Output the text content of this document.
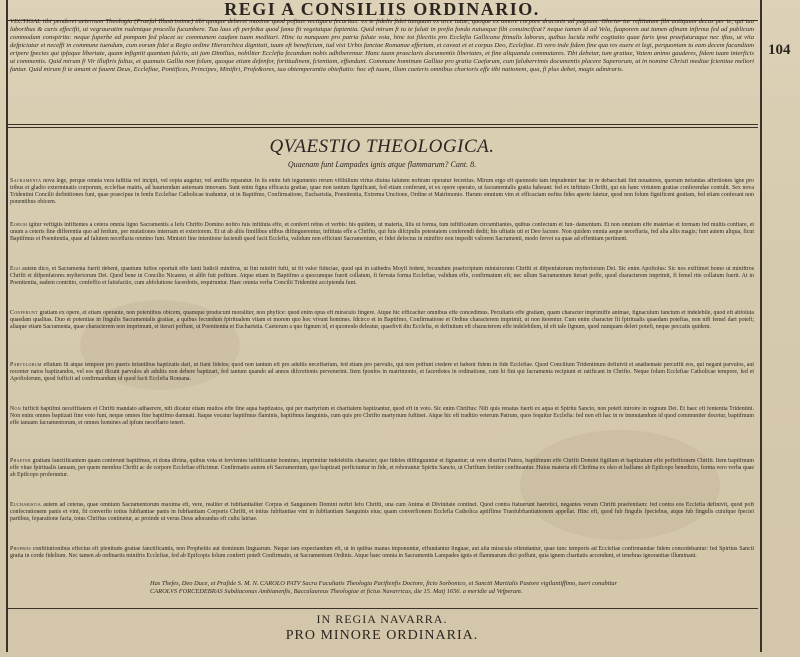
REGI A CONSILIIS ORDINARIO.
VECTIGAL tibi penderet aeternum Theologia (Praeful Illustrissime) tibi quoque deberet maxime quod pofitas vectigaru fecuritas: ex te fidelis fidei tanquam ex arce tutae, quoque ex amore corpore draconis ad pugnam. Gloria- tur reftitutum fibi antiquum decus per te, qui tua laboribus & curis effecifti, ut vegrauratim rudentque procella fucumbere. Tua laus eft perfe&a quod fama fit vegetatque fapientia. Quid mirum fi tu te faluti in prefia fonda nutuoque fibi conuincifcat? neque tamen id ad Vela, fuaporem aut tamen afinam infirma fed ad publicum commodum conspiritu: neque fuperbe ad pompam fed placet ac communem caufam tuam meditari. Hinc tu nunquam pro patria falute vota, hinc tot filecitis pro Ecclefia Gallicana ftimulis laboras, quibus lucida mihi cogitatio quae faris ipsa praefuturaque nec iftas, ut vita defpiciatur et neceffi in commune tuendum, cum eorum fidei a Regio ordine Hierarchica dignitati, tuum eft beneficium, tud vixi Urbis fanctae Romanae effertum, et caveat et et corpus Deo, Ecclefiae. Et vero inde fidem fine qua res euere et legi, perquoniam tu eam decem facundiam eripere fpecies qui ipfaque libertate, quam infigniit quantum fulciis, uti jam Dimilius, nobiliter Ecclefia fecundum nobis adhiberemur. Hanc tuam praeclaris documentis libertates, et fine aliquanda commutares. Tibi debetur, tum gratiae, Vatem animo gauderes, fidem tuam interficis ut commentis. Quid mirum fi Vir illuftris faltus, et quamuis Gallia non folum, quoque etiam defenfor, fortitudinem, fcientiam, effundunt. Commune hominum Galliae pro gratia Caefarum, cum faluberrimis documentis placere Superorum, ut in nomine Christi mediae fcientiae meliori fantur. Quid mirum fi te amant et fauent Deus, Ecclefiae, Pontifices, Principes, Miniftri, Profe&ores, tua obtemperantia obteftatio: hoc eft tuum, illum caeteris omnibus charioris effe tibi nationem, qua, fi plus debet, magis admiraris.
104
QVAESTIO THEOLOGICA.
Quaenam funt Lampades ignis atque flammarum? Cant. 8.
Sacramenta nova lege, perque omnia vera iuftitia vel incipit, vel cepta augetur, vel amiffa reparatur. In iis enim fub tegumento rerum vifibilium virtus diuina falutem noftram operatur fecretius. Mirum ergo eft quomodo tam impudenter hac in re debacchati fint nouatores, quorum nefandas affertiones igne pro tribus et gladio exterminatis corporum, ecclefiae matris, ad hauriendam aeternam innovam. Sunt enim figna efficacia gratiae, quae non tantum fignificant, fed etiam conferunt, et ex opere operato, ut facramentalis gratia habeant: fed ex inftituto Chrifti, qui eis hanc virtutem gratiae conferendae contulit. Sex nova Tridentini Concilii definitiones funt, quae praecipue in fenfu Ecclefiae Catholicae traduntur, ut in Baptifmo, Confirmatione, Eucharistia, Poenitentia, Extrema Unctione, Ordine et Matrimonio. Harum omnium vim et efficaciam noftra fides aperte fatetur, quod non folum fignificent gratiam, fed etiam conferant non ponentibus obicem.
Eorum igitur veftigiis infiftentes a cetera omnia ligno Sacramentis a Iefu Chrifto Domino noftro fuis inftituta effe, et conferri rebus et verbis: his quidem, ut materia, illis ut forma, tum iuftificatum circumftantes, quibus confectum et fun- damentum. Et non omnium effe materiae et formam fed multis conftare, et unum a ceteris fine differentia quo ad fenfum, per mutationes internam et exteriorem. Et ut ab aliis fimilibus ufibus diftinguerentur, inftituta effe a Chrifto, qui fuis difcipulis potestatem conferendi dedit; his ufitatis uti et Deo facrare. Non quidem omnia aeque neceffaria, fed alia aliis magis; funt autem aliqua, ficut Baptifmus et Poenitentia, quae ad falutem neceffaria omnino funt. Ministri fine intentione faciendi quod facit Ecclefia, validum non efficiunt Sacramentum, et fidei defectus in miniftro non impedit valorem Sacramenti, modo fervet ea quae ad effentiam pertinent.
Ego autem dico, et Sacramenta fuerit debent, quantum fuftos oportuit effe fanti Iudicii minifros, ut fint minifri fufti, ut fit valor fiduciae, quod qui in cathedra Moyfi fedent, fecundum praefcriptum ministrorum Chrifti et difpenfatorum myfteriorum Dei. Sic enim Apoftolus: Sic nos exiftimet homo ut miniftros Chrifti et difpenfatores myfteriorum Dei. Quod bene in Concilio Nicaeno, et alibi fuit pofitum. Atque etiam in Baptifmo a quocumque fuerit collatum, fi fervata forma Ecclefiae, validum effe, confirmatum eft; nec ullum Sacramentum iterari poffe, quod characterem imprimit, fi femel rite collatum fuerit. At in Poenitentia, eadem contritio, confeffio et fatisfactio, cum abfolutione facerdotis, requiruntur. Haec omnia verba Concilii Tridentini accipienda funt.
Conferunt gratiam ex opere, et etiam operante, non potentibus obicem, quamque producunt moraliter, non phyfice: quod enim opus eft miraculo fingere. Atque hic efficaciter omnibus effe concedimus. Peculiaris effe gratiam, quam character imprimiffe animae, fignaculum fanctum et indelebile, quod eft abfoluta quaedam qualitas. Duo et potentiae in fingulis Sacramentalis gratiae, a quibus fecundum fpiritualem vitam et morem quo hoc vivunt homines. Idcirco et in Baptifmo, Confirmatione et Ordine characterem imprimit, ut non iterentur. Cum enim character fit fpiritualis quaedam poteftas, non nifi femel dari poteft; aliaque etiam Sacramenta, quae characterem non imprimunt, et iterari poffunt, ut Poenitentia et Eucharistia. Caeterum a quo fignum id, et quomodo deleatur, quaefivit diu Ecclefia, et definitum eft characterem effe indelebilem, id eft tale fignum, quod nunquam deleri potefi, neque peccatis quidem.
Parvulorum effatum fit atque tempore pro pueris infantibus baptizatis dari, ut fiant fideles; quod non tantum eft pro adultis neceffarium, fed etiam pro parvulis, qui non poffunt credere et habent fidem in fide Ecclefiae. Quod Concilium Tridentinum definivit et anathemate percuffit eos, qui negant parvulos, aut recenter natos baptizandos, vel eos qui dicunt parvulos ab adultis non debere baptizari, fed tantum quando ad annos difcretionis pervenerint. Item fponfos in matrimonio, et facerdotes in ordinatione, cum hi fint qui facramenta recipiunt et ratificant in Chrifto. Neque folum Ecclefiae Catholicae tempore, fed et Apoftolorum, quod fufficit ad confirmandum id quod facit Ecclefia Romana.
Non fufficit baptifmi neceffitatem et Chrifti mandato adhaerere, nifi dicatur etiam multos effe fine aqua baptizatos, qui per martyrium et charitatem baptizantur, quod eft in voto. Sic enim Chriftus: Nifi quis renatus fuerit ex aqua et Spiritu Sancto, non poteft introire in regnum Dei. Et haec eft fententia Tridentini. Non enim omnes baptizati fine voto funt, neque omnes fine baptifmo damnati. Itaque vocatur baptifmus flaminis, baptifmus fanguinis, cum quis pro Chrifto martyrium fuftinet. Atque hic eft traditio veterum Patrum, quos fequitur Ecclefia: fed non eft hac in re immutandum id quod communiter docetur, baptifmum effe ianuam facramentorum, et omnes homines ad ipfum neceffario teneri.
Praeter gratiam fanctificantem quam conferunt baptifmus, et dona divina, quibus vota et fervientes iuftificantur homines, imprimitur indelebilis character, quo fideles diftinguuntur et fignantur; ut vere dixerint Patres, baptifmum effe Chrifti Domini figillum et baptizatum effe poffeffionem Chrifti. Item baptifmum effe vitae fpiritualis ianuam, per quem membra Chrifti ac de corpore Ecclefiae efficimur. Confirmatio autem eft Sacramentum, quo baptizati perficiuntur in fide, et roborantur Spiritu Sancto, ut Chriftum fortiter confiteantur. Huius materia eft Chrifma ex oleo et balfamo ab Epifcopo benedicto, forma vero verba quae ab Epifcopo proferuntur.
Eucharistia autem ad ceteras, quae omnium Sacramentorum maxima eft, vere, realiter et fubftantialiter Corpus et Sanguinem Domini noftri Iefu Chrifti, una cum Anima et Divinitate continet. Quod contra ftatuerunt haeretici, negantes veram Chrifti praefentiam: fed contra eos Ecclefia definivit, quod poft confecrationem panis et vini, fit converfio totius fubftantiae panis in fubftantiam Corporis Chrifti, et totius fubftantiae vini in fubftantiam Sanguinis eius; quam converfionem Ecclefia Catholica aptiffime Tranfubftantiationem appellat. Hinc eft, quod fub fingulis fpeciebus, atque fub fingulis cuiufque fpeciei partibus, feparatione facta, totus Chriftus continetur, ac proinde ut verus Deus adorandus eft cultu latriae.
Propriis conftitutionibus effectus eft plenitudo gratiae fanctificantis, non Prophetiis aut dominum linguarum. Neque iam expectandum eft, ut in quibus manus imponuntur, effundantur linguae, aut alia miracula oftendantur, quae tunc temporis ad Ecclefiae confirmandae fidem concedebantur: fed Spiritus Sancti gratia in corde fidelium. Nec tamen ab ordinariis minifris Ecclefiae, fed ab Epifcopis folum conferri poteft Confirmatio, ut Sacramentum Ordinis. Atque haec omnia in Sacramentis Lampades ignis et flammarum dici poffunt, quia ignem charitatis accendunt, et tenebras ignorantiae illuminant.
Has Thefes, Deo Duce, et Prafide S. M. N. CAROLO PATV Sacra Facultatis Theologia Parifienfis Doctore, ficio Sorbonico, et Sanctii Martialis Pastore vigilantiffimo, tueri conabitur
CAROLVS FORCEDEBRAS Subdiaconus Ambianenfis, Baccalaureus Theologiae et ficius Navarricus, die 15. Maij 1656. a meridie ad Vefperam.
IN REGIA NAVARRA.
PRO MINORE ORDINARIA.
